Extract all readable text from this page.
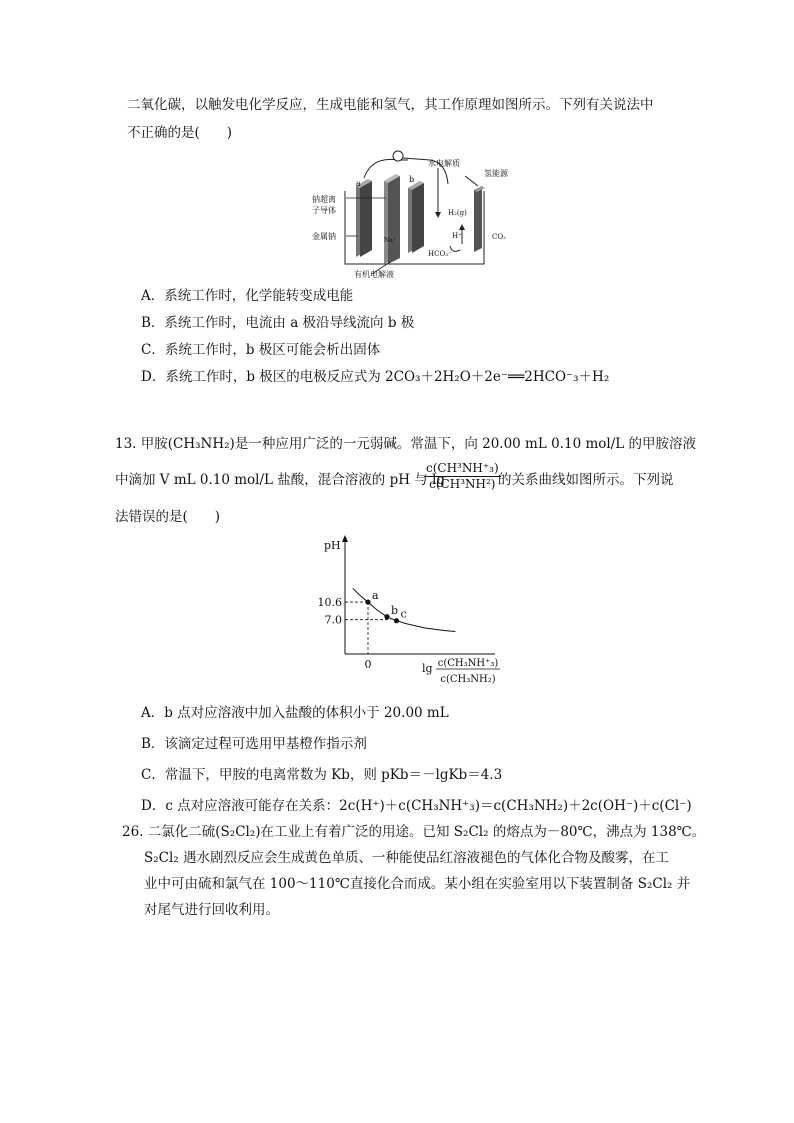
二氧化碳，以触发电化学反应，生成电能和氢气，其工作原理如图所示。下列有关说法中
不正确的是(　　)
a	b
水电解质
氢能源
钠超离
子导体
金属钠	Na⁺
H₂(g)
H⁺
HCO₃⁻
CO₂
有机电解液
A．系统工作时，化学能转变成电能
B．系统工作时，电流由 a 极沿导线流向 b 极
C．系统工作时，b 极区可能会析出固体
D．系统工作时，b 极区的电极反应式为 2CO₃＋2H₂O＋2e⁻══2HCO⁻₃＋H₂
13. 甲胺(CH₃NH₂)是一种应用广泛的一元弱碱。常温下，向 20.00 mL 0.10 mol/L 的甲胺溶液
中滴加 V mL 0.10 mol/L 盐酸，混合溶液的 pH 与 lg
$\frac{\text{c(CH³NH⁺₃)}}{\text{c(CH³NH²)}}$
的关系曲线如图所示。下列说
法错误的是(　　)
pH
10.6
7.0
0
a
b c
lg c(CH₃NH⁺₃)
c(CH₃NH₂)
A．b 点对应溶液中加入盐酸的体积小于 20.00 mL
B．该滴定过程可选用甲基橙作指示剂
C．常温下，甲胺的电离常数为 Kb，则 pKb＝－lgKb＝4.3
D．c 点对应溶液可能存在关系：2c(H⁺)＋c(CH₃NH⁺₃)＝c(CH₃NH₂)＋2c(OH⁻)＋c(Cl⁻)
26. 二氯化二硫(S₂Cl₂)在工业上有着广泛的用途。已知 S₂Cl₂ 的熔点为－80℃，沸点为 138℃。
S₂Cl₂ 遇水剧烈反应会生成黄色单质、一种能使品红溶液褪色的气体化合物及酸雾，在工
业中可由硫和氯气在 100～110℃直接化合而成。某小组在实验室用以下装置制备 S₂Cl₂ 并
对尾气进行回收利用。
